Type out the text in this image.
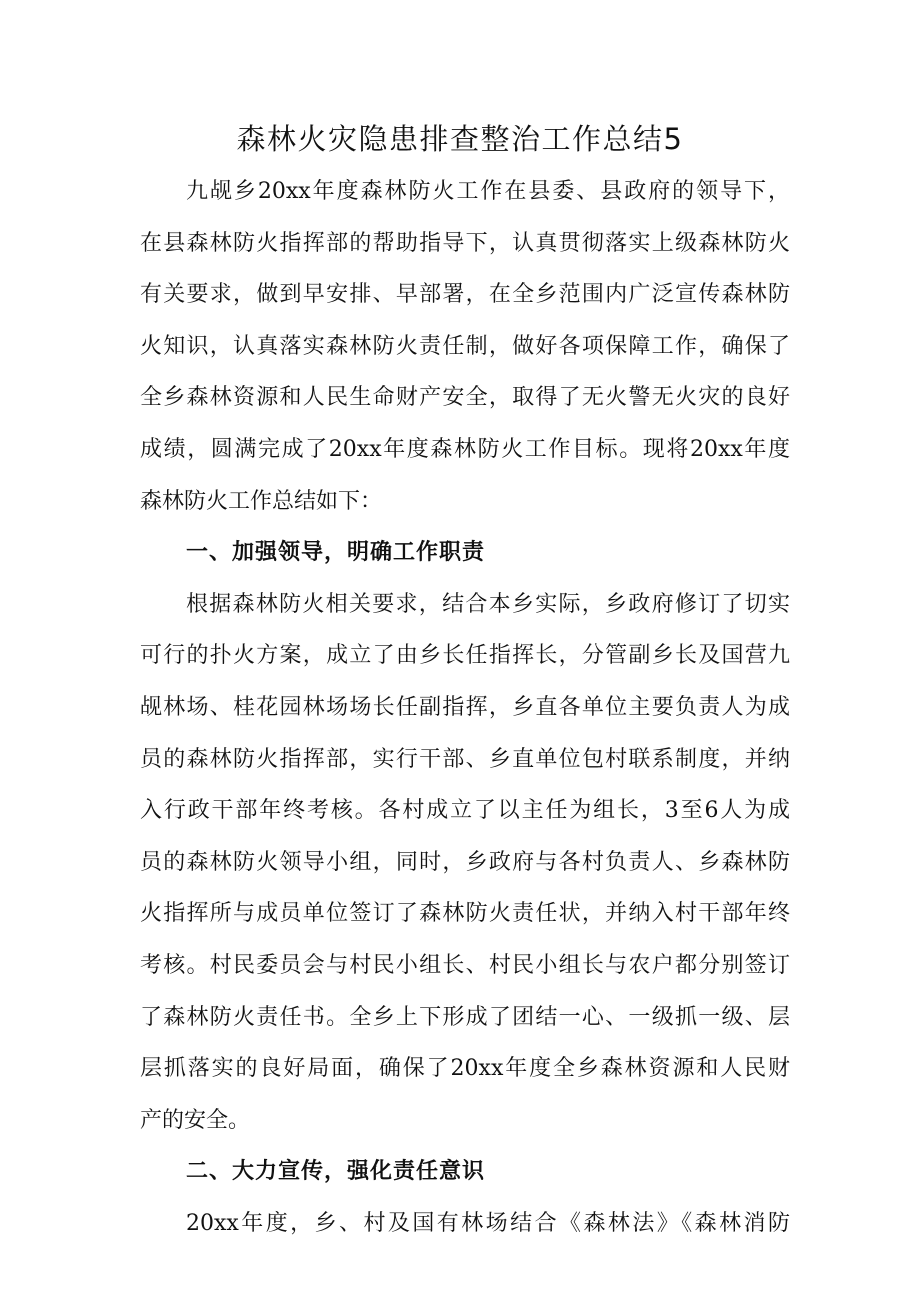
森林火灾隐患排查整治工作总结5
九觇乡20xx年度森林防火工作在县委、县政府的领导下，
在县森林防火指挥部的帮助指导下，认真贯彻落实上级森林防火
有关要求，做到早安排、早部署，在全乡范围内广泛宣传森林防
火知识，认真落实森林防火责任制，做好各项保障工作，确保了
全乡森林资源和人民生命财产安全，取得了无火警无火灾的良好
成绩，圆满完成了20xx年度森林防火工作目标。现将20xx年度
森林防火工作总结如下：
一、加强领导，明确工作职责
根据森林防火相关要求，结合本乡实际，乡政府修订了切实
可行的扑火方案，成立了由乡长任指挥长，分管副乡长及国营九
觇林场、桂花园林场场长任副指挥，乡直各单位主要负责人为成
员的森林防火指挥部，实行干部、乡直单位包村联系制度，并纳
入行政干部年终考核。各村成立了以主任为组长，3至6人为成
员的森林防火领导小组，同时，乡政府与各村负责人、乡森林防
火指挥所与成员单位签订了森林防火责任状，并纳入村干部年终
考核。村民委员会与村民小组长、村民小组长与农户都分别签订
了森林防火责任书。全乡上下形成了团结一心、一级抓一级、层
层抓落实的良好局面，确保了20xx年度全乡森林资源和人民财
产的安全。
二、大力宣传，强化责任意识
20xx年度，乡、村及国有林场结合《森林法》《森林消防
